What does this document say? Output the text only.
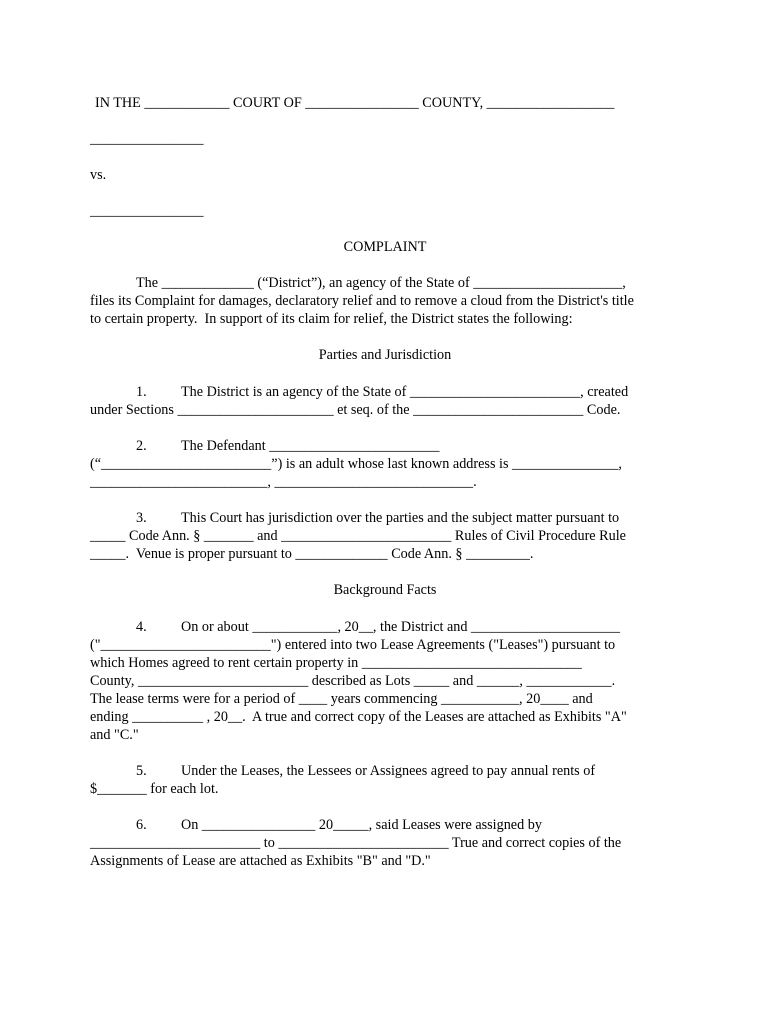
IN THE ____________ COURT OF ________________ COUNTY, __________________
________________
vs.
________________
COMPLAINT
The _____________ (“District”), an agency of the State of _____________________,
files its Complaint for damages, declaratory relief and to remove a cloud from the District's title
to certain property.  In support of its claim for relief, the District states the following:
Parties and Jurisdiction
1. The District is an agency of the State of ________________________, created
under Sections ______________________ et seq. of the ________________________ Code.
2. The Defendant ________________________
(“________________________”) is an adult whose last known address is _______________,
_________________________, ____________________________.
3. This Court has jurisdiction over the parties and the subject matter pursuant to
_____ Code Ann. § _______ and ________________________ Rules of Civil Procedure Rule
_____.  Venue is proper pursuant to _____________ Code Ann. § _________.
Background Facts
4. On or about ____________, 20__, the District and _____________________
("________________________") entered into two Lease Agreements ("Leases") pursuant to
which Homes agreed to rent certain property in _______________________________
County, ________________________ described as Lots _____ and ______, ____________.
The lease terms were for a period of ____ years commencing ___________, 20____ and
ending __________ , 20__.  A true and correct copy of the Leases are attached as Exhibits "A"
and "C."
5. Under the Leases, the Lessees or Assignees agreed to pay annual rents of
$_______ for each lot.
6. On ________________ 20_____, said Leases were assigned by
________________________ to ________________________ True and correct copies of the
Assignments of Lease are attached as Exhibits "B" and "D."
